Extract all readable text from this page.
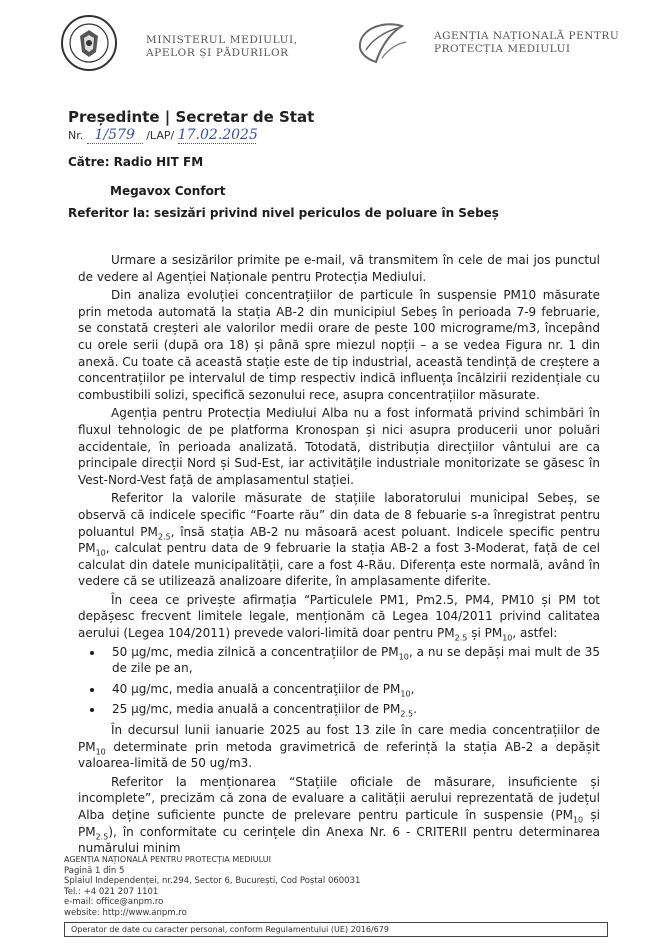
MINISTERUL MEDIULUI,
APELOR ȘI PĂDURILOR
AGENȚIA NAȚIONALĂ PENTRU
PROTECȚIA MEDIULUI
Președinte | Secretar de Stat
Nr. 1/579 /LAP/ 17.02.2025
Către: Radio HIT FM
Megavox Confort
Referitor la: sesizări privind nivel periculos de poluare în Sebeș

Urmare a sesizărilor primite pe e-mail, vă transmitem în cele de mai jos punctul de vedere al Agenției Naționale pentru Protecția Mediului.

Din analiza evoluției concentrațiilor de particule în suspensie PM10 măsurate prin metoda automată la stația AB-2 din municipiul Sebeș în perioada 7-9 februarie, se constată creșteri ale valorilor medii orare de peste 100 micrograme/m3, începând cu orele serii (după ora 18) și până spre miezul nopții – a se vedea Figura nr. 1 din anexă. Cu toate că această stație este de tip industrial, această tendință de creștere a concentrațiilor pe intervalul de timp respectiv indică influența încălzirii rezidențiale cu combustibili solizi, specifică sezonului rece, asupra concentrațiilor măsurate.

Agenția pentru Protecția Mediului Alba nu a fost informată privind schimbări în fluxul tehnologic de pe platforma Kronospan și nici asupra producerii unor poluări accidentale, în perioada analizată. Totodată, distribuția direcțiilor vântului are ca principale direcții Nord și Sud-Est, iar activitățile industriale monitorizate se găsesc în Vest-Nord-Vest față de amplasamentul stației.

Referitor la valorile măsurate de stațiile laboratorului municipal Sebeș, se observă că indicele specific “Foarte rău” din data de 8 febuarie s-a înregistrat pentru poluantul $PM_{2.5}$, însă stația AB-2 nu măsoară acest poluant. Indicele specific pentru $PM_{10}$, calculat pentru data de 9 februarie la stația AB-2 a fost 3-Moderat, față de cel calculat din datele municipalității, care a fost 4-Rău. Diferența este normală, având în vedere că se utilizează analizoare diferite, în amplasamente diferite.

În ceea ce privește afirmația “Particulele PM1, Pm2.5, PM4, PM10 și PM tot depășesc frecvent limitele legale, menționăm că Legea 104/2011 privind calitatea aerului (Legea 104/2011) prevede valori-limită doar pentru $PM_{2.5}$ și $PM_{10}$, astfel:

• 50 µg/mc, media zilnică a concentrațiilor de $PM_{10}$, a nu se depăși mai mult de 35 de zile pe an,
• 40 µg/mc, media anuală a concentrațiilor de $PM_{10}$,
• 25 µg/mc, media anuală a concentrațiilor de $PM_{2.5}$.

În decursul lunii ianuarie 2025 au fost 13 zile în care media concentrațiilor de $PM_{10}$ determinate prin metoda gravimetrică de referință la stația AB-2 a depășit valoarea-limită de 50 ug/m3.

Referitor la menționarea “Stațiile oficiale de măsurare, insuficiente și incomplete”, precizăm că zona de evaluare a calității aerului reprezentată de județul Alba deține suficiente puncte de prelevare pentru particule în suspensie ($PM_{10}$ și $PM_{2.5}$), în conformitate cu cerințele din Anexa Nr. 6 - CRITERII pentru determinarea numărului minim

AGENȚIA NAȚIONALĂ PENTRU PROTECȚIA MEDIULUI
Pagină 1 din 5
Splaiul Independenței, nr.294, Sector 6, București, Cod Poștal 060031
Tel.: +4 021 207 1101
e-mail: office@anpm.ro
website: http://www.anpm.ro
Operator de date cu caracter personal, conform Regulamentului (UE) 2016/679
